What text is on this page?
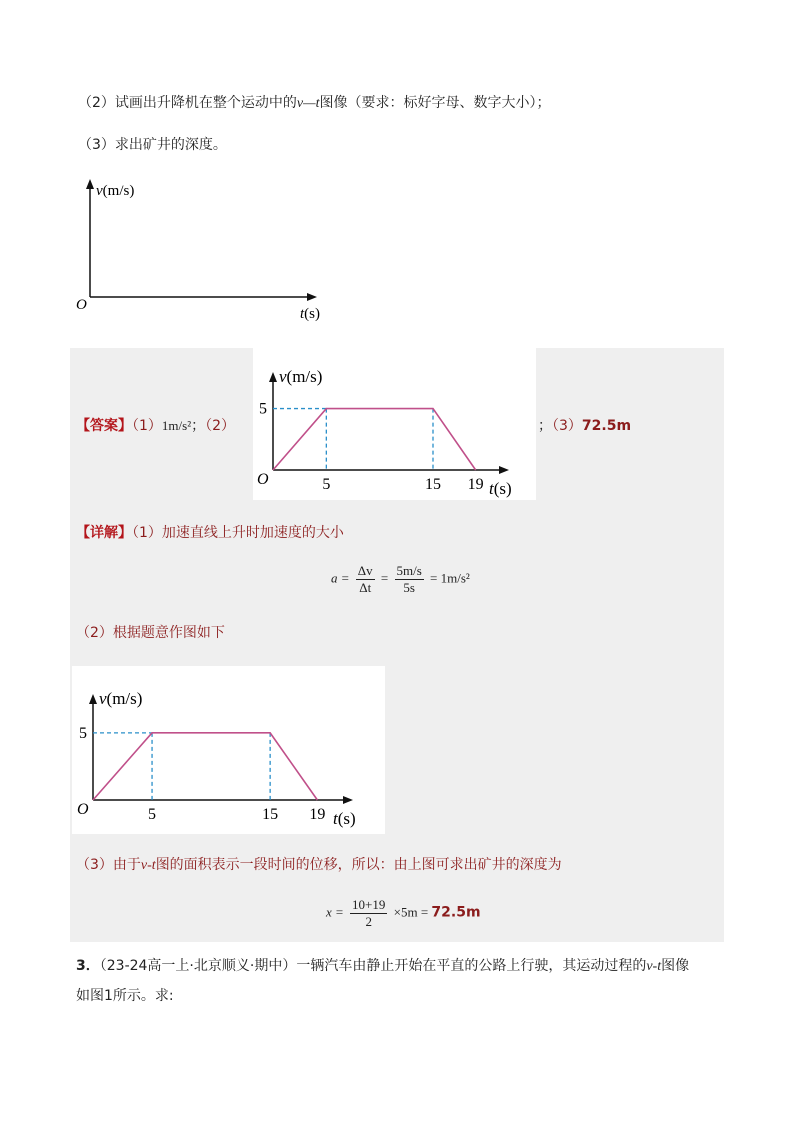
（2）试画出升降机在整个运动中的v—t图像（要求：标好字母、数字大小）；
（3）求出矿井的深度。
v(m/s)
O
t(s)
5	15 19
5
O
v(m/s)
t(s)
【答案】（1）1m/s²；（2）	；（3）72.5m
【详解】（1）加速直线上升时加速度的大小
$a = \frac{\Delta v}{\Delta t} = \frac{5m/s}{5s} = 1m/s^2$
（2）根据题意作图如下
5	15 19
5
O
v(m/s)
t(s)
（3）由于v-t图的面积表示一段时间的位移，所以：由上图可求出矿井的深度为
$x = \frac{10+19}{2} \times 5m = 72.5m$
3．（23-24高一上·北京顺义·期中）一辆汽车由静止开始在平直的公路上行驶，其运动过程的v-t图像
如图1所示。求:
